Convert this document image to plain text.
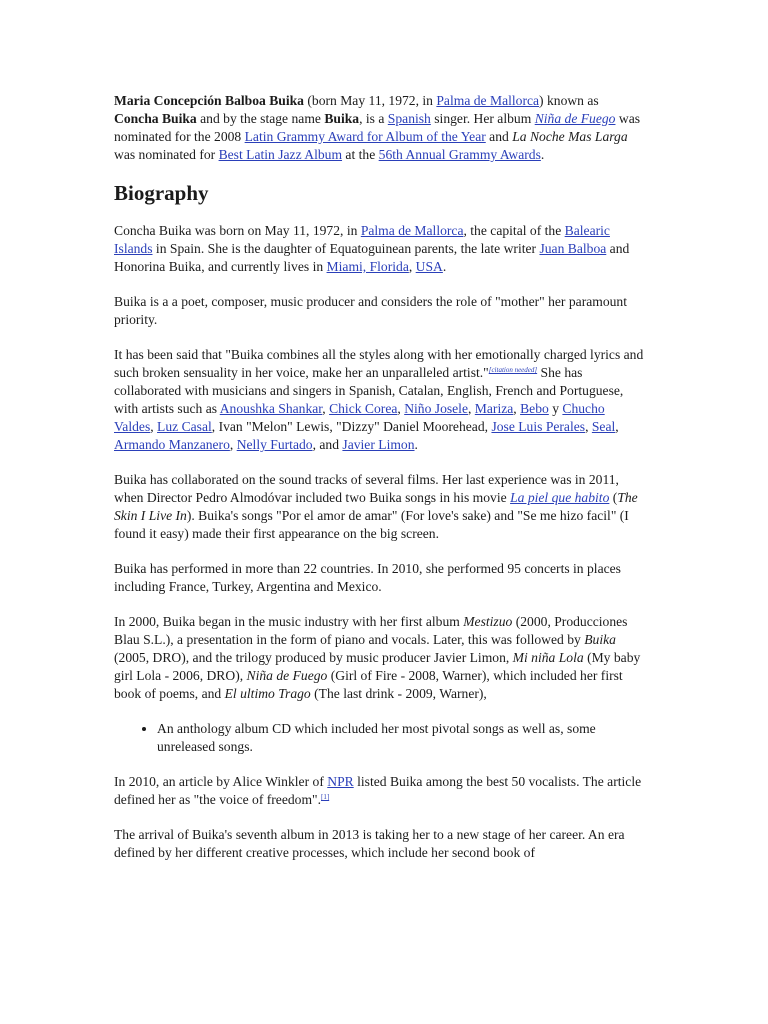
Maria Concepción Balboa Buika (born May 11, 1972, in Palma de Mallorca) known as Concha Buika and by the stage name Buika, is a Spanish singer. Her album Niña de Fuego was nominated for the 2008 Latin Grammy Award for Album of the Year and La Noche Mas Larga was nominated for Best Latin Jazz Album at the 56th Annual Grammy Awards.

Biography

Concha Buika was born on May 11, 1972, in Palma de Mallorca, the capital of the Balearic Islands in Spain. She is the daughter of Equatoguinean parents, the late writer Juan Balboa and Honorina Buika, and currently lives in Miami, Florida, USA.

Buika is a a poet, composer, music producer and considers the role of "mother" her paramount priority.

It has been said that "Buika combines all the styles along with her emotionally charged lyrics and such broken sensuality in her voice, make her an unparalleled artist."[citation needed] She has collaborated with musicians and singers in Spanish, Catalan, English, French and Portuguese, with artists such as Anoushka Shankar, Chick Corea, Niño Josele, Mariza, Bebo y Chucho Valdes, Luz Casal, Ivan "Melon" Lewis, "Dizzy" Daniel Moorehead, Jose Luis Perales, Seal, Armando Manzanero, Nelly Furtado, and Javier Limon.

Buika has collaborated on the sound tracks of several films. Her last experience was in 2011, when Director Pedro Almodóvar included two Buika songs in his movie La piel que habito (The Skin I Live In). Buika's songs "Por el amor de amar" (For love's sake) and "Se me hizo facil" (I found it easy) made their first appearance on the big screen.

Buika has performed in more than 22 countries. In 2010, she performed 95 concerts in places including France, Turkey, Argentina and Mexico.

In 2000, Buika began in the music industry with her first album Mestizuo (2000, Producciones Blau S.L.), a presentation in the form of piano and vocals. Later, this was followed by Buika (2005, DRO), and the trilogy produced by music producer Javier Limon, Mi niña Lola (My baby girl Lola - 2006, DRO), Niña de Fuego (Girl of Fire - 2008, Warner), which included her first book of poems, and El ultimo Trago (The last drink - 2009, Warner),

• An anthology album CD which included her most pivotal songs as well as, some unreleased songs.

In 2010, an article by Alice Winkler of NPR listed Buika among the best 50 vocalists. The article defined her as "the voice of freedom".[1]

The arrival of Buika's seventh album in 2013 is taking her to a new stage of her career. An era defined by her different creative processes, which include her second book of
